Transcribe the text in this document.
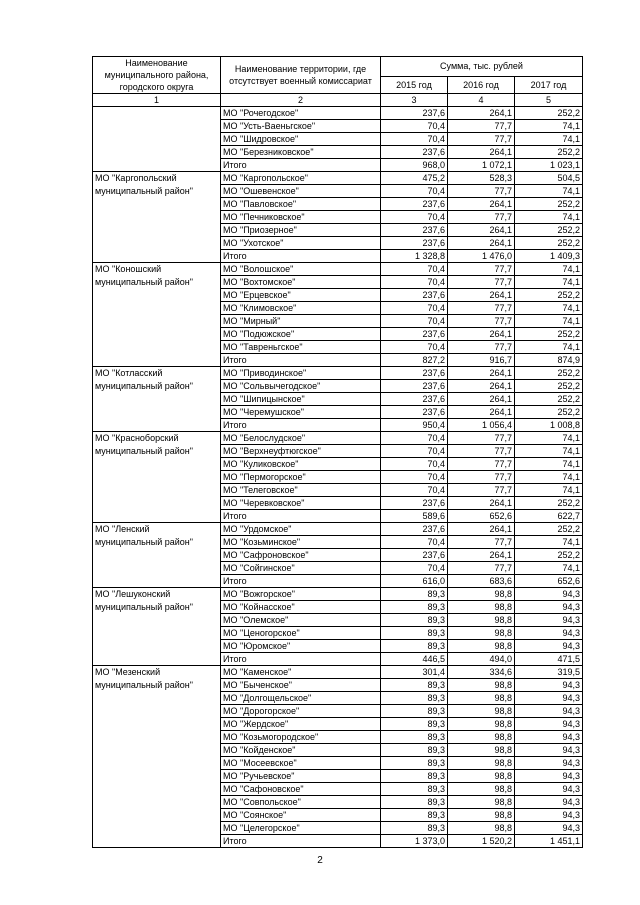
Наименование муниципального района, городского округа	Наименование территории, где отсутствует военный комиссариат	Сумма, тыс. рублей		
		2015 год	2016 год	2017 год
1	2	3	4	5
	МО "Рочегодское"	237,6	264,1	252,2
	МО "Усть-Ваеньгское"	70,4	77,7	74,1
	МО "Шидровское"	70,4	77,7	74,1
	МО "Березниковское"	237,6	264,1	252,2
	Итого	968,0	1 072,1	1 023,1
МО "Каргопольский муниципальный район"	МО "Каргопольское"	475,2	528,3	504,5
	МО "Ошевенское"	70,4	77,7	74,1
	МО "Павловское"	237,6	264,1	252,2
	МО "Печниковское"	70,4	77,7	74,1
	МО "Приозерное"	237,6	264,1	252,2
	МО "Ухотское"	237,6	264,1	252,2
	Итого	1 328,8	1 476,0	1 409,3
МО "Коношский муниципальный район"	МО "Волошское"	70,4	77,7	74,1
	МО "Вохтомское"	70,4	77,7	74,1
	МО "Ерцевское"	237,6	264,1	252,2
	МО "Климовское"	70,4	77,7	74,1
	МО "Мирный"	70,4	77,7	74,1
	МО "Подюжское"	237,6	264,1	252,2
	МО "Тавреньгское"	70,4	77,7	74,1
	Итого	827,2	916,7	874,9
МО "Котласский муниципальный район"	МО "Приводинское"	237,6	264,1	252,2
	МО "Сольвычегодское"	237,6	264,1	252,2
	МО "Шипицынское"	237,6	264,1	252,2
	МО "Черемушское"	237,6	264,1	252,2
	Итого	950,4	1 056,4	1 008,8
МО "Красноборский муниципальный район"	МО "Белослудское"	70,4	77,7	74,1
	МО "Верхнеуфтюгское"	70,4	77,7	74,1
	МО "Куликовское"	70,4	77,7	74,1
	МО "Пермогорское"	70,4	77,7	74,1
	МО "Телеговское"	70,4	77,7	74,1
	МО "Черевковское"	237,6	264,1	252,2
	Итого	589,6	652,6	622,7
МО "Ленский муниципальный район"	МО "Урдомское"	237,6	264,1	252,2
	МО "Козьминское"	70,4	77,7	74,1
	МО "Сафроновское"	237,6	264,1	252,2
	МО "Сойгинское"	70,4	77,7	74,1
	Итого	616,0	683,6	652,6
МО "Лешуконский муниципальный район"	МО "Вожгорское"	89,3	98,8	94,3
	МО "Койнасское"	89,3	98,8	94,3
	МО "Олемское"	89,3	98,8	94,3
	МО "Ценогорское"	89,3	98,8	94,3
	МО "Юромское"	89,3	98,8	94,3
	Итого	446,5	494,0	471,5
МО "Мезенский муниципальный район"	МО "Каменское"	301,4	334,6	319,5
	МО "Быченское"	89,3	98,8	94,3
	МО "Долгощельское"	89,3	98,8	94,3
	МО "Дорогорское"	89,3	98,8	94,3
	МО "Жердское"	89,3	98,8	94,3
	МО "Козьмогородское"	89,3	98,8	94,3
	МО "Койденское"	89,3	98,8	94,3
	МО "Мосеевское"	89,3	98,8	94,3
	МО "Ручьевское"	89,3	98,8	94,3
	МО "Сафоновское"	89,3	98,8	94,3
	МО "Совпольское"	89,3	98,8	94,3
	МО "Соянское"	89,3	98,8	94,3
	МО "Целегорское"	89,3	98,8	94,3
	Итого	1 373,0	1 520,2	1 451,1
2
